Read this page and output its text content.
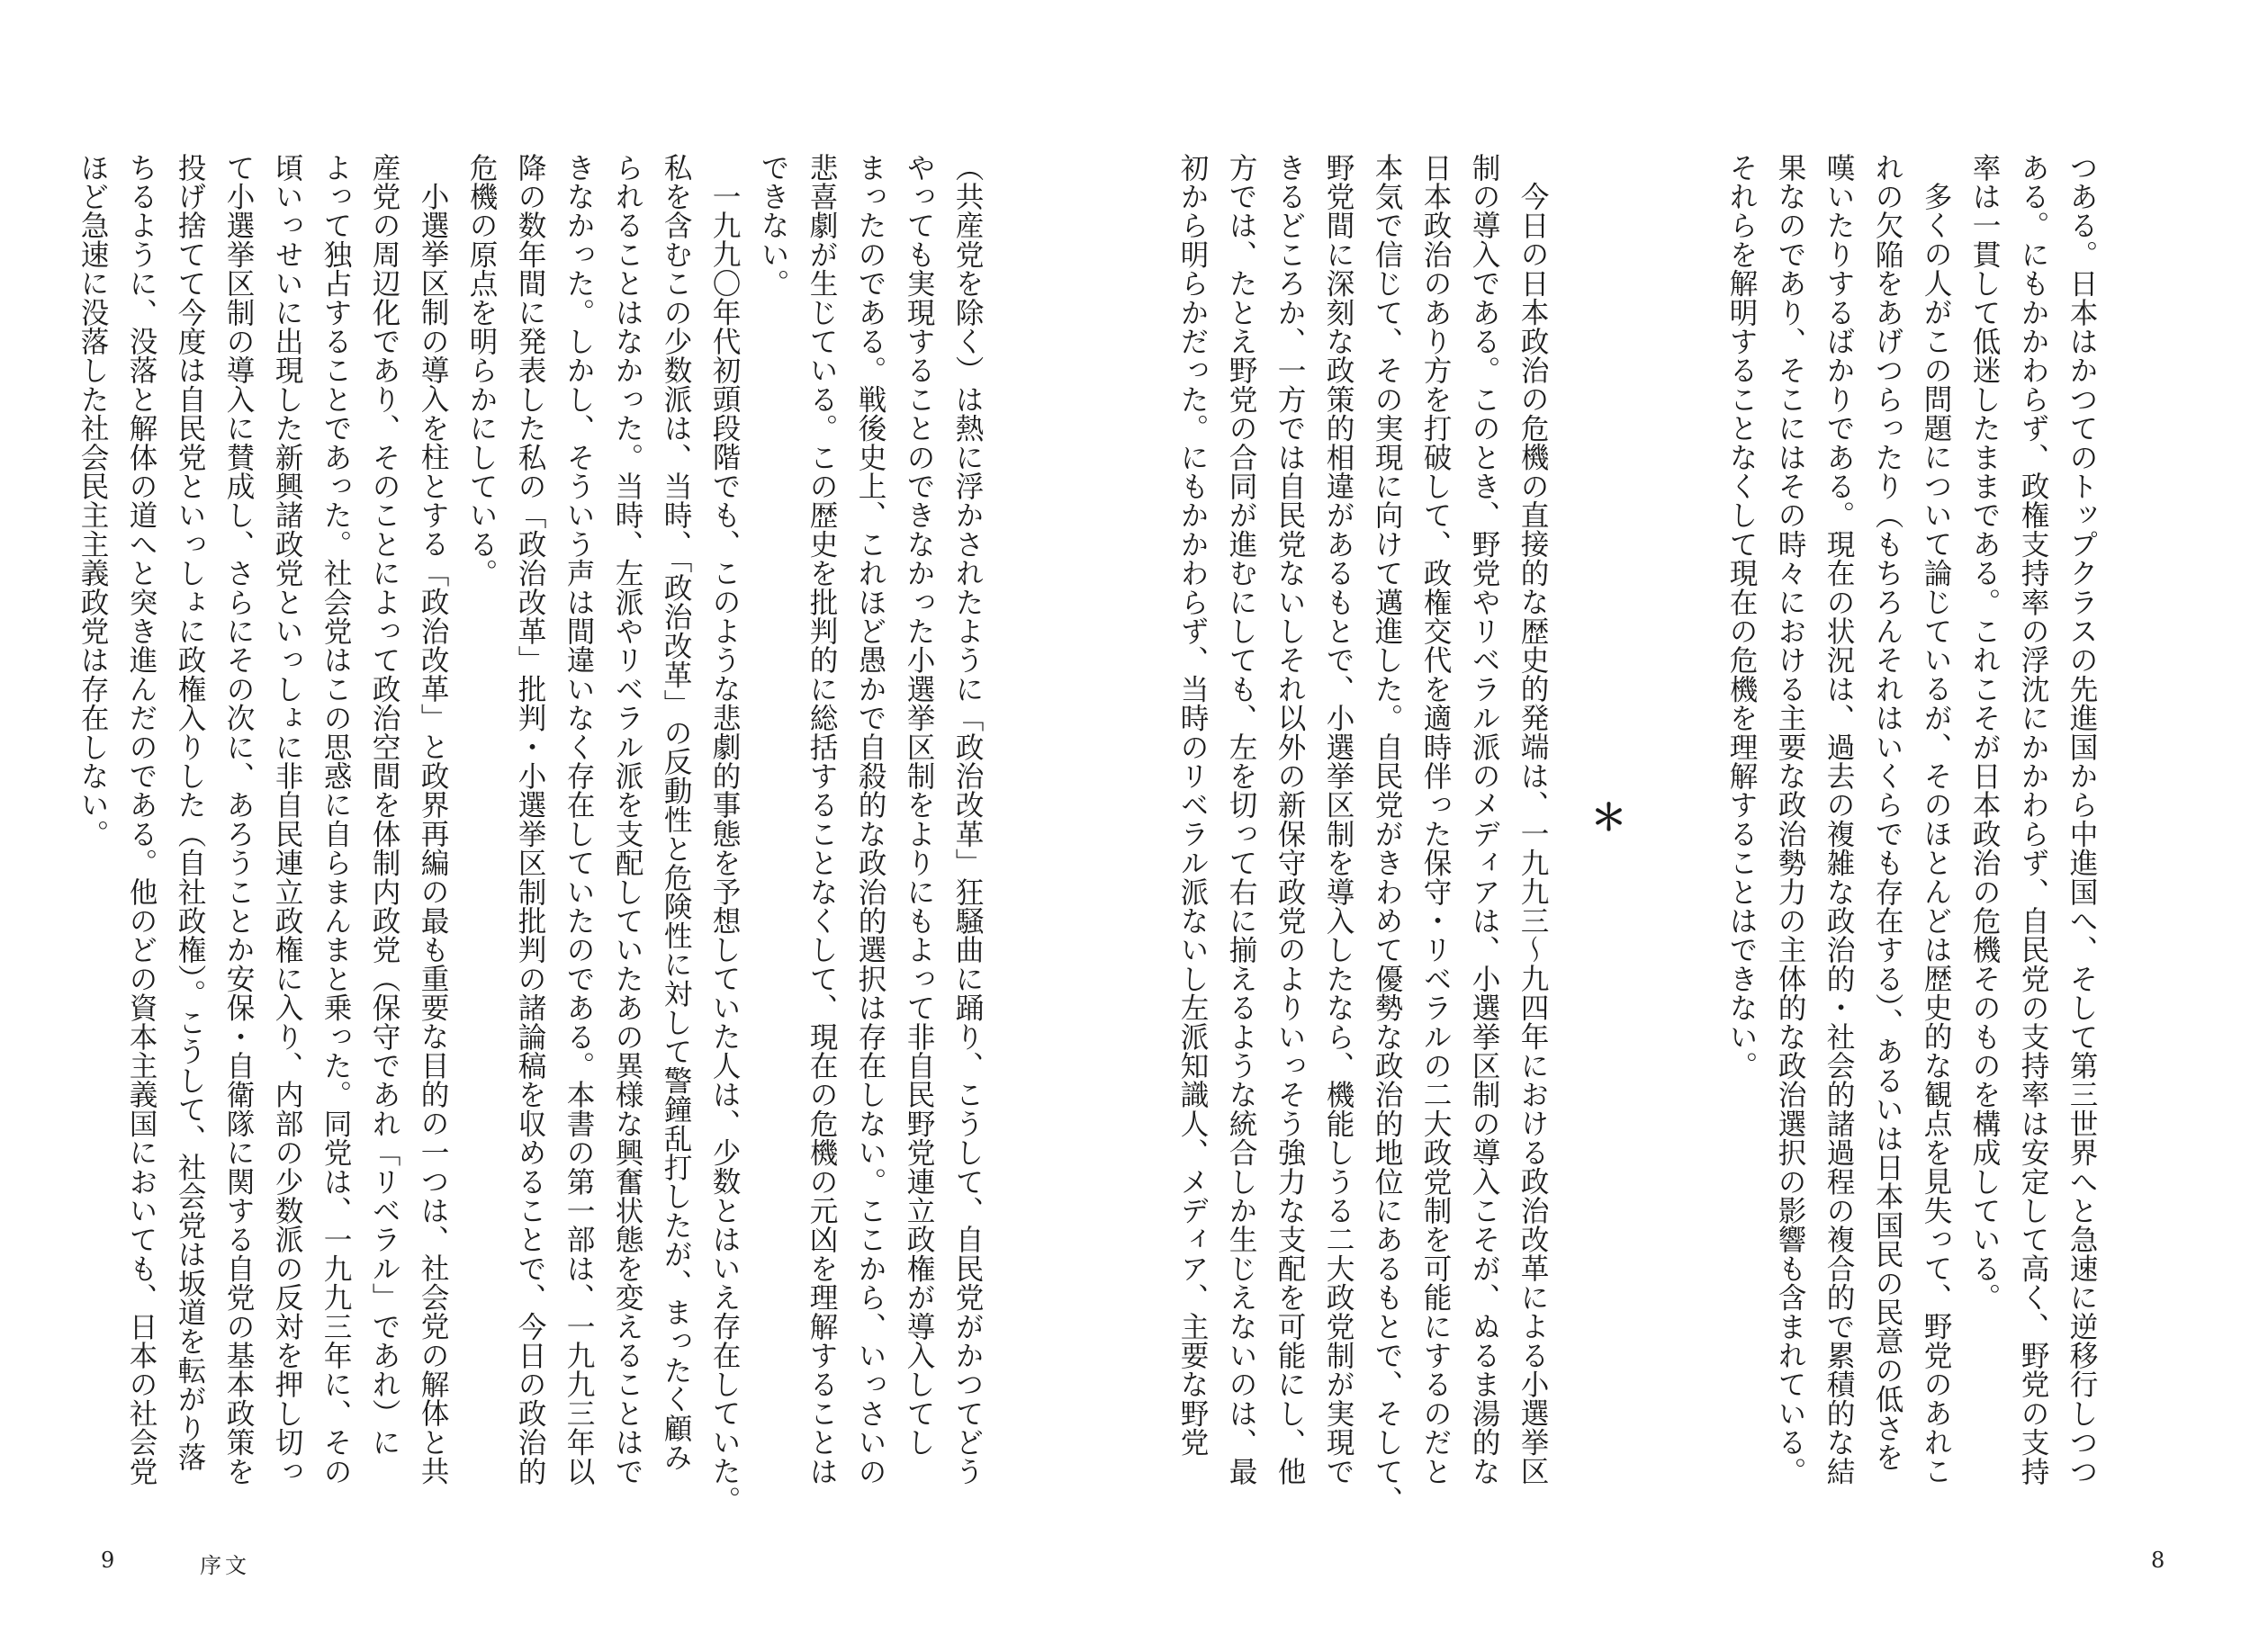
（共産党を除く）は熱に浮かされたように「政治改革」狂騒曲に踊り、こうして、自民党がかつてどう
やっても実現することのできなかった小選挙区制をよりにもよって非自民野党連立政権が導入してし
まったのである。戦後史上、これほど愚かで自殺的な政治的選択は存在しない。ここから、いっさいの
悲喜劇が生じている。この歴史を批判的に総括することなくして、現在の危機の元凶を理解することは
できない。
一九九〇年代初頭段階でも、このような悲劇的事態を予想していた人は、少数とはいえ存在していた。
私を含むこの少数派は、当時、「政治改革」の反動性と危険性に対して警鐘乱打したが、まったく顧み
られることはなかった。当時、左派やリベラル派を支配していたあの異様な興奮状態を変えることはで
きなかった。しかし、そういう声は間違いなく存在していたのである。本書の第一部は、一九九三年以
降の数年間に発表した私の「政治改革」批判・小選挙区制批判の諸論稿を収めることで、今日の政治的
危機の原点を明らかにしている。
小選挙区制の導入を柱とする「政治改革」と政界再編の最も重要な目的の一つは、社会党の解体と共
産党の周辺化であり、そのことによって政治空間を体制内政党（保守であれ「リベラル」であれ）に
よって独占することであった。社会党はこの思惑に自らまんまと乗った。同党は、一九九三年に、その
頃いっせいに出現した新興諸政党といっしょに非自民連立政権に入り、内部の少数派の反対を押し切っ
て小選挙区制の導入に賛成し、さらにその次に、あろうことか安保・自衛隊に関する自党の基本政策を
投げ捨てて今度は自民党といっしょに政権入りした（自社政権）。こうして、社会党は坂道を転がり落
ちるように、没落と解体の道へと突き進んだのである。他のどの資本主義国においても、日本の社会党
ほど急速に没落した社会民主主義政党は存在しない。
9	序文
つある。日本はかつてのトップクラスの先進国から中進国へ、そして第三世界へと急速に逆移行しつつ
ある。にもかかわらず、政権支持率の浮沈にかかわらず、自民党の支持率は安定して高く、野党の支持
率は一貫して低迷したままである。これこそが日本政治の危機そのものを構成している。
多くの人がこの問題について論じているが、そのほとんどは歴史的な観点を見失って、野党のあれこ
れの欠陥をあげつらったり（もちろんそれはいくらでも存在する）、あるいは日本国民の民意の低さを
嘆いたりするばかりである。現在の状況は、過去の複雑な政治的・社会的諸過程の複合的で累積的な結
果なのであり、そこにはその時々における主要な政治勢力の主体的な政治選択の影響も含まれている。
それらを解明することなくして現在の危機を理解することはできない。
＊
今日の日本政治の危機の直接的な歴史的発端は、一九九三〜九四年における政治改革による小選挙区
制の導入である。このとき、野党やリベラル派のメディアは、小選挙区制の導入こそが、ぬるま湯的な
日本政治のあり方を打破して、政権交代を適時伴った保守・リベラルの二大政党制を可能にするのだと
本気で信じて、その実現に向けて邁進した。自民党がきわめて優勢な政治的地位にあるもとで、そして、
野党間に深刻な政策的相違があるもとで、小選挙区制を導入したなら、機能しうる二大政党制が実現で
きるどころか、一方では自民党ないしそれ以外の新保守政党のよりいっそう強力な支配を可能にし、他
方では、たとえ野党の合同が進むにしても、左を切って右に揃えるような統合しか生じえないのは、最
初から明らかだった。にもかかわらず、当時のリベラル派ないし左派知識人、メディア、主要な野党
8
